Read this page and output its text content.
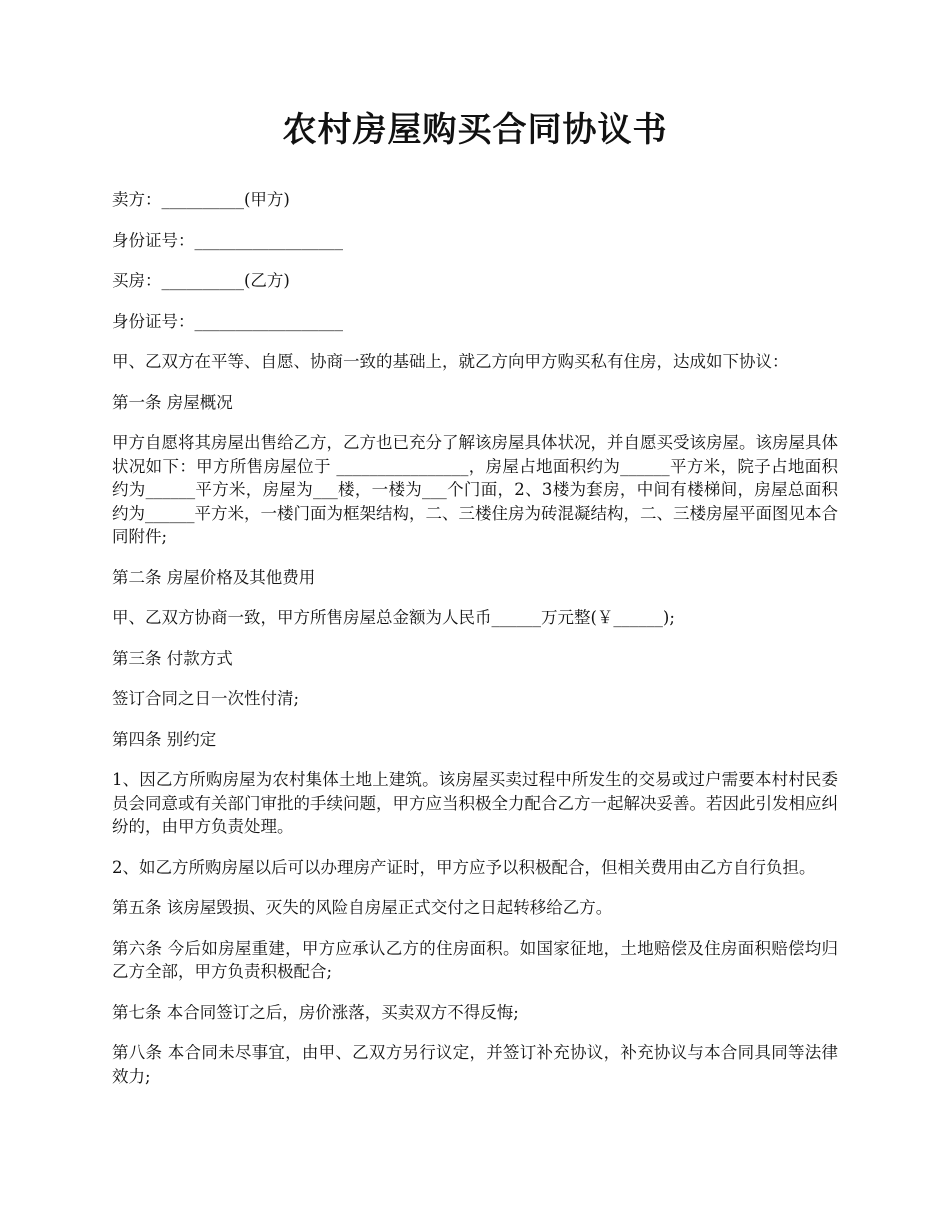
农村房屋购买合同协议书

卖方：__________(甲方)

身份证号：__________________

买房：__________(乙方)

身份证号：__________________

甲、乙双方在平等、自愿、协商一致的基础上，就乙方向甲方购买私有住房，达成如下协议：

第一条 房屋概况

甲方自愿将其房屋出售给乙方，乙方也已充分了解该房屋具体状况，并自愿买受该房屋。该房屋具体状况如下：甲方所售房屋位于 ________________，房屋占地面积约为______平方米，院子占地面积约为______平方米，房屋为___楼，一楼为___个门面，2、3楼为套房，中间有楼梯间，房屋总面积约为______平方米，一楼门面为框架结构，二、三楼住房为砖混凝结构，二、三楼房屋平面图见本合同附件;

第二条 房屋价格及其他费用

甲、乙双方协商一致，甲方所售房屋总金额为人民币______万元整(￥______);

第三条 付款方式

签订合同之日一次性付清;

第四条 别约定

1、因乙方所购房屋为农村集体土地上建筑。该房屋买卖过程中所发生的交易或过户需要本村村民委员会同意或有关部门审批的手续问题，甲方应当积极全力配合乙方一起解决妥善。若因此引发相应纠纷的，由甲方负责处理。

2、如乙方所购房屋以后可以办理房产证时，甲方应予以积极配合，但相关费用由乙方自行负担。

第五条 该房屋毁损、灭失的风险自房屋正式交付之日起转移给乙方。

第六条 今后如房屋重建，甲方应承认乙方的住房面积。如国家征地，土地赔偿及住房面积赔偿均归乙方全部，甲方负责积极配合;

第七条 本合同签订之后，房价涨落，买卖双方不得反悔;

第八条 本合同未尽事宜，由甲、乙双方另行议定，并签订补充协议，补充协议与本合同具同等法律效力;
